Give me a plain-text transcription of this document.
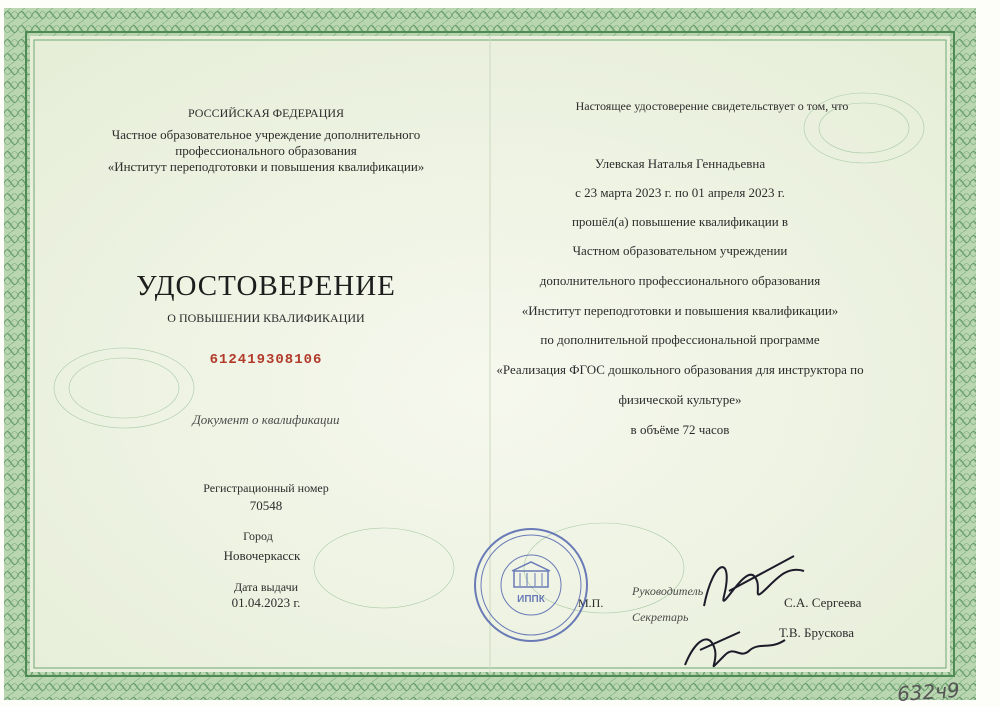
РОССИЙСКАЯ ФЕДЕРАЦИЯ
Частное образовательное учреждение дополнительного
профессионального образования
«Институт переподготовки и повышения квалификации»
УДОСТОВЕРЕНИЕ
О ПОВЫШЕНИИ КВАЛИФИКАЦИИ
612419308106
Документ о квалификации
Регистрационный номер
70548
Город
Новочеркасск
Дата выдачи
01.04.2023 г.
Настоящее удостоверение свидетельствует о том, что
Улевская Наталья Геннадьевна
с 23 марта 2023 г. по 01 апреля 2023 г.
прошёл(а) повышение квалификации в
Частном образовательном учреждении
дополнительного профессионального образования
«Институт переподготовки и повышения квалификации»
по дополнительной профессиональной программе
«Реализация ФГОС дошкольного образования для инструктора по
физической культуре»
в объёме 72 часов
М.П.
Руководитель
С.А. Сергеева
Секретарь
Т.В. Брускова
ИППК
632ч9
